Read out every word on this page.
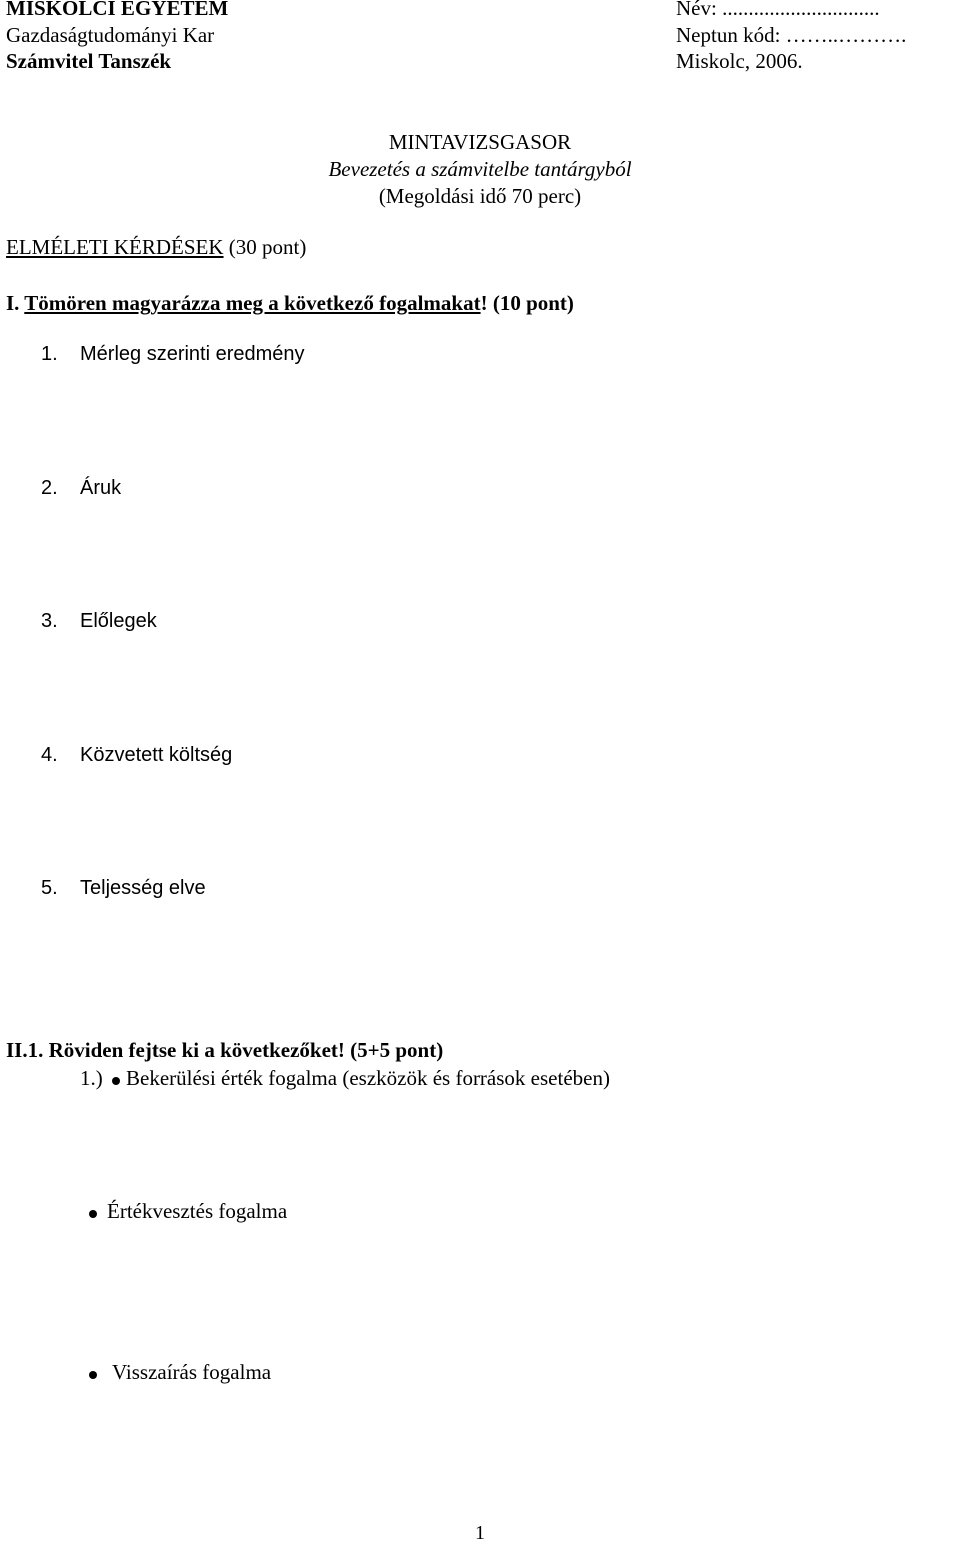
MISKOLCI EGYETEM
Gazdaságtudományi Kar
Számvitel Tanszék
Név: ..............................
Neptun kód: ……..……….
Miskolc, 2006.
MINTAVIZSGASOR
Bevezetés a számvitelbe tantárgyból
(Megoldási idő 70 perc)
ELMÉLETI KÉRDÉSEK (30 pont)
I. Tömören magyarázza meg a következő fogalmakat! (10 pont)
1. Mérleg szerinti eredmény
2. Áruk
3. Előlegek
4. Közvetett költség
5. Teljesség elve
II.1. Röviden fejtse ki a következőket! (5+5 pont)
1.) Bekerülési érték fogalma (eszközök és források esetében)
Értékvesztés fogalma
Visszaírás fogalma
1
